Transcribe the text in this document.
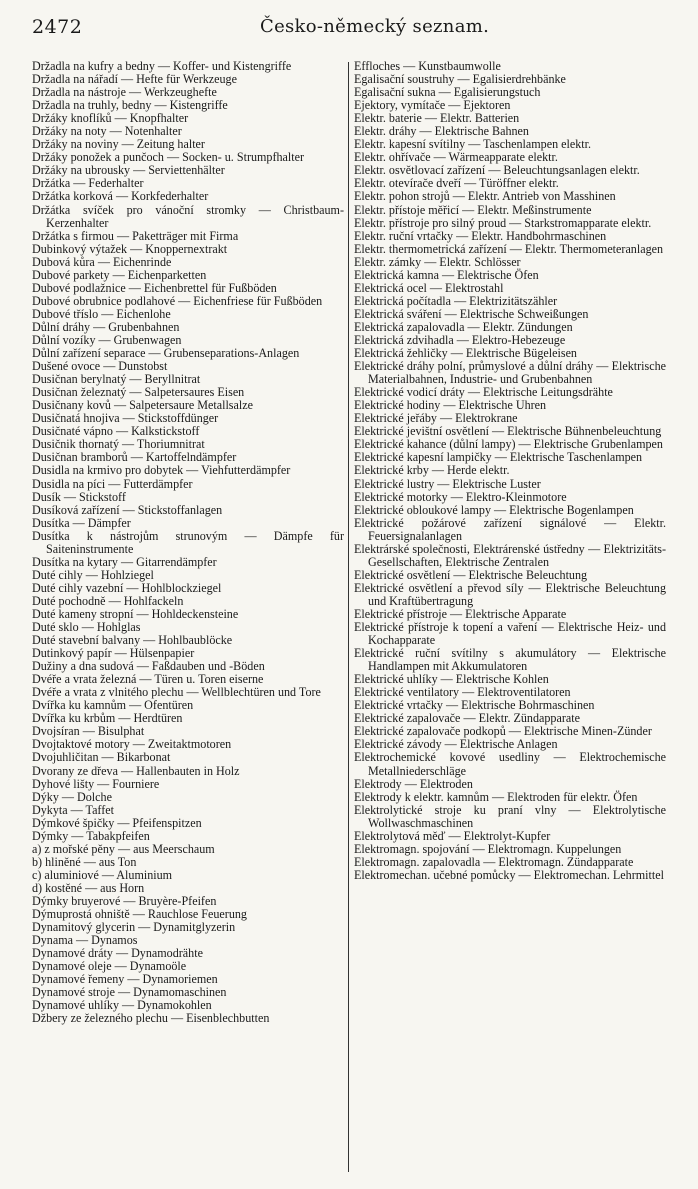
2472	Česko-německý seznam.

Držadla na kufry a bedny — Koffer- und Kistengriffe

Držadla na nářadí — Hefte für Werkzeuge

Držadla na nástroje — Werkzeughefte

Držadla na truhly, bedny — Kistengriffe

Držáky knoflíků — Knopfhalter

Držáky na noty — Notenhalter

Držáky na noviny — Zeitung halter

Držáky ponožek a punčoch — Socken- u. Strumpfhalter

Držáky na ubrousky — Serviettenhälter

Držátka — Federhalter

Držátka korková — Korkfederhalter

Držátka svíček pro vánoční stromky — Christbaum-Kerzenhalter

Držátka s firmou — Paketträger mit Firma

Dubinkový výtažek — Knoppernextrakt

Dubová kůra — Eichenrinde

Dubové parkety — Eichenparketten

Dubové podlažnice — Eichenbrettel für Fußböden

Dubové obrubnice podlahové — Eichenfriese für Fußböden

Dubové tříslo — Eichenlohe

Důlní dráhy — Grubenbahnen

Důlní vozíky — Grubenwagen

Důlní zařízení separace — Grubenseparations-Anlagen

Dušené ovoce — Dunstobst

Dusičnan berylnatý — Beryllnitrat

Dusičnan železnatý — Salpetersaures Eisen

Dusičnany kovů — Salpetersaure Metallsalze

Dusičnatá hnojiva — Stickstoffdünger

Dusičnaté vápno — Kalkstickstoff

Dusičnik thornatý — Thoriumnitrat

Dusičnan bramborů — Kartoffelndämpfer

Dusidla na krmivo pro dobytek — Viehfutterdämpfer

Dusidla na píci — Futterdämpfer

Dusík — Stickstoff

Dusíková zařízení — Stickstoffanlagen

Dusítka — Dämpfer

Dusítka k nástrojům strunovým — Dämpfe für Saiteninstrumente

Dusítka na kytary — Gitarrendämpfer

Duté cihly — Hohlziegel

Duté cihly vazební — Hohlblockziegel

Duté pochodně — Hohlfackeln

Duté kameny stropní — Hohldeckensteine

Duté sklo — Hohlglas

Duté stavební balvany — Hohlbaublöcke

Dutinkový papír — Hülsenpapier

Dužiny a dna sudová — Faßdauben und -Böden

Dvéře a vrata železná — Türen u. Toren eiserne

Dvéře a vrata z vlnitého plechu — Wellblechtüren und Tore

Dvířka ku kamnům — Ofentüren

Dvířka ku krbům — Herdtüren

Dvojsíran — Bisulphat

Dvojtaktové motory — Zweitaktmotoren

Dvojuhličitan — Bikarbonat

Dvorany ze dřeva — Hallenbauten in Holz

Dyhové lišty — Fourniere

Dýky — Dolche

Dykyta — Taffet

Dýmkové špičky — Pfeifenspitzen

Dýmky — Tabakpfeifen

a) z mořské pěny — aus Meerschaum

b) hliněné — aus Ton

c) aluminiové — Aluminium

d) kostěné — aus Horn

Dýmky bruyerové — Bruyère-Pfeifen

Dýmuprostá ohniště — Rauchlose Feuerung

Dynamitový glycerin — Dynamitglyzerin

Dynama — Dynamos

Dynamové dráty — Dynamodrähte

Dynamové oleje — Dynamoöle

Dynamové řemeny — Dynamoriemen

Dynamové stroje — Dynamomaschinen

Dynamové uhlíky — Dynamokohlen

Džbery ze železného plechu — Eisenblechbutten

Effloches — Kunstbaumwolle

Egalisační soustruhy — Egalisierdrehbänke

Egalisační sukna — Egalisierungstuch

Ejektory, vymítače — Ejektoren

Elektr. baterie — Elektr. Batterien

Elektr. dráhy — Elektrische Bahnen

Elektr. kapesní svítilny — Taschenlampen elektr.

Elektr. ohřívače — Wärmeapparate elektr.

Elektr. osvětlovací zařízení — Beleuchtungsanlagen elektr.

Elektr. otevírače dveří — Türöffner elektr.

Elektr. pohon strojů — Elektr. Antrieb von Masshinen

Elektr. přístoje měřicí — Elektr. Meßinstrumente

Elektr. přístroje pro silný proud — Starkstromapparate elektr.

Elektr. ruční vrtačky — Elektr. Handbohrmaschinen

Elektr. thermometrická zařízení — Elektr. Thermometeranlagen

Elektr. zámky — Elektr. Schlösser

Elektrická kamna — Elektrische Öfen

Elektrická ocel — Elektrostahl

Elektrická počítadla — Elektrizitätszähler

Elektrická sváření — Elektrische Schweißungen

Elektrická zapalovadla — Elektr. Zündungen

Elektrická zdvihadla — Elektro-Hebezeuge

Elektrická žehličky — Elektrische Bügeleisen

Elektrické dráhy polní, průmyslové a důlní dráhy — Elektrische Materialbahnen, Industrie- und Grubenbahnen

Elektrické vodicí dráty — Elektrische Leitungsdrähte

Elektrické hodiny — Elektrische Uhren

Elektrické jeřáby — Elektrokrane

Elektrické jevištní osvětlení — Elektrische Bühnenbeleuchtung

Elektrické kahance (důlní lampy) — Elektrische Grubenlampen

Elektrické kapesní lampičky — Elektrische Taschenlampen

Elektrické krby — Herde elektr.

Elektrické lustry — Elektrische Luster

Elektrické motorky — Elektro-Kleinmotore

Elektrické obloukové lampy — Elektrische Bogenlampen

Elektrické požárové zařízení signálové — Elektr. Feuersignalanlagen

Elektrárské společnosti, Elektrárenské ústředny — Elektrizitäts-Gesellschaften, Elektrische Zentralen

Elektrické osvětlení — Elektrische Beleuchtung

Elektrické osvětlení a převod síly — Elektrische Beleuchtung und Kraftübertragung

Elektrické přístroje — Elektrische Apparate

Elektrické přístroje k topení a vaření — Elektrische Heiz- und Kochapparate

Elektrické ruční svítilny s akumulátory — Elektrische Handlampen mit Akkumulatoren

Elektrické uhlíky — Elektrische Kohlen

Elektrické ventilatory — Elektroventilatoren

Elektrické vrtačky — Elektrische Bohrmaschinen

Elektrické zapalovače — Elektr. Zündapparate

Elektrické zapalovače podkopů — Elektrische Minen-Zünder

Elektrické závody — Elektrische Anlagen

Elektrochemické kovové usedliny — Elektrochemische Metallniederschläge

Elektrody — Elektroden

Elektrody k elektr. kamnům — Elektroden für elektr. Öfen

Elektrolytické stroje ku praní vlny — Elektrolytische Wollwaschmaschinen

Elektrolytová měď — Elektrolyt-Kupfer

Elektromagn. spojování — Elektromagn. Kuppelungen

Elektromagn. zapalovadla — Elektromagn. Zündapparate

Elektromechan. učebné pomůcky — Elektromechan. Lehrmittel
